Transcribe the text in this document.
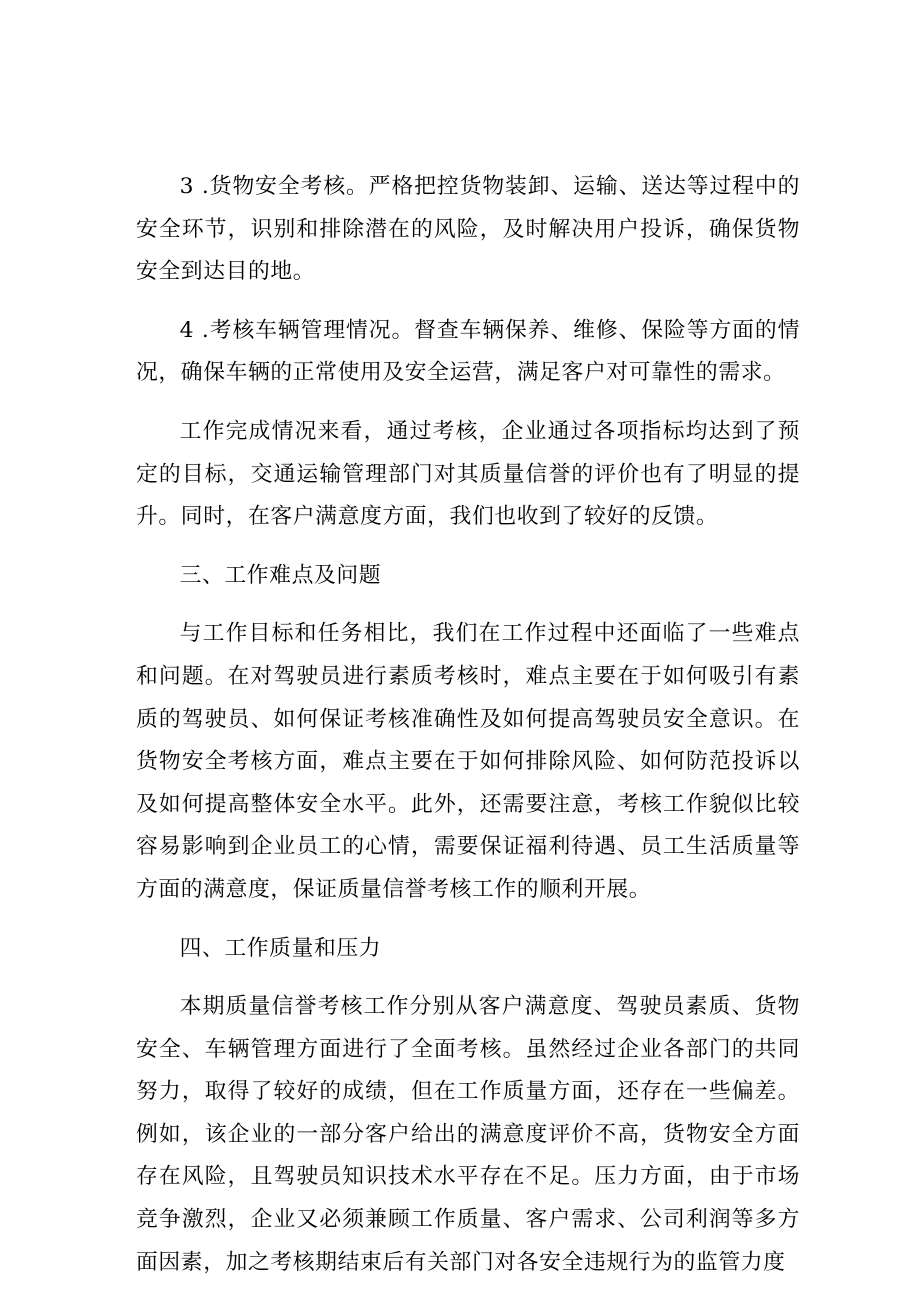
3 .货物安全考核。严格把控货物装卸、运输、送达等过程中的安全环节，识别和排除潜在的风险，及时解决用户投诉，确保货物安全到达目的地。

4 .考核车辆管理情况。督查车辆保养、维修、保险等方面的情况，确保车辆的正常使用及安全运营，满足客户对可靠性的需求。

工作完成情况来看，通过考核，企业通过各项指标均达到了预定的目标，交通运输管理部门对其质量信誉的评价也有了明显的提升。同时，在客户满意度方面，我们也收到了较好的反馈。

三、工作难点及问题

与工作目标和任务相比，我们在工作过程中还面临了一些难点和问题。在对驾驶员进行素质考核时，难点主要在于如何吸引有素质的驾驶员、如何保证考核准确性及如何提高驾驶员安全意识。在货物安全考核方面，难点主要在于如何排除风险、如何防范投诉以及如何提高整体安全水平。此外，还需要注意，考核工作貌似比较容易影响到企业员工的心情，需要保证福利待遇、员工生活质量等方面的满意度，保证质量信誉考核工作的顺利开展。

四、工作质量和压力

本期质量信誉考核工作分别从客户满意度、驾驶员素质、货物安全、车辆管理方面进行了全面考核。虽然经过企业各部门的共同努力，取得了较好的成绩，但在工作质量方面，还存在一些偏差。例如，该企业的一部分客户给出的满意度评价不高，货物安全方面存在风险，且驾驶员知识技术水平存在不足。压力方面，由于市场竞争激烈，企业又必须兼顾工作质量、客户需求、公司利润等多方面因素，加之考核期结束后有关部门对各安全违规行为的监管力度
